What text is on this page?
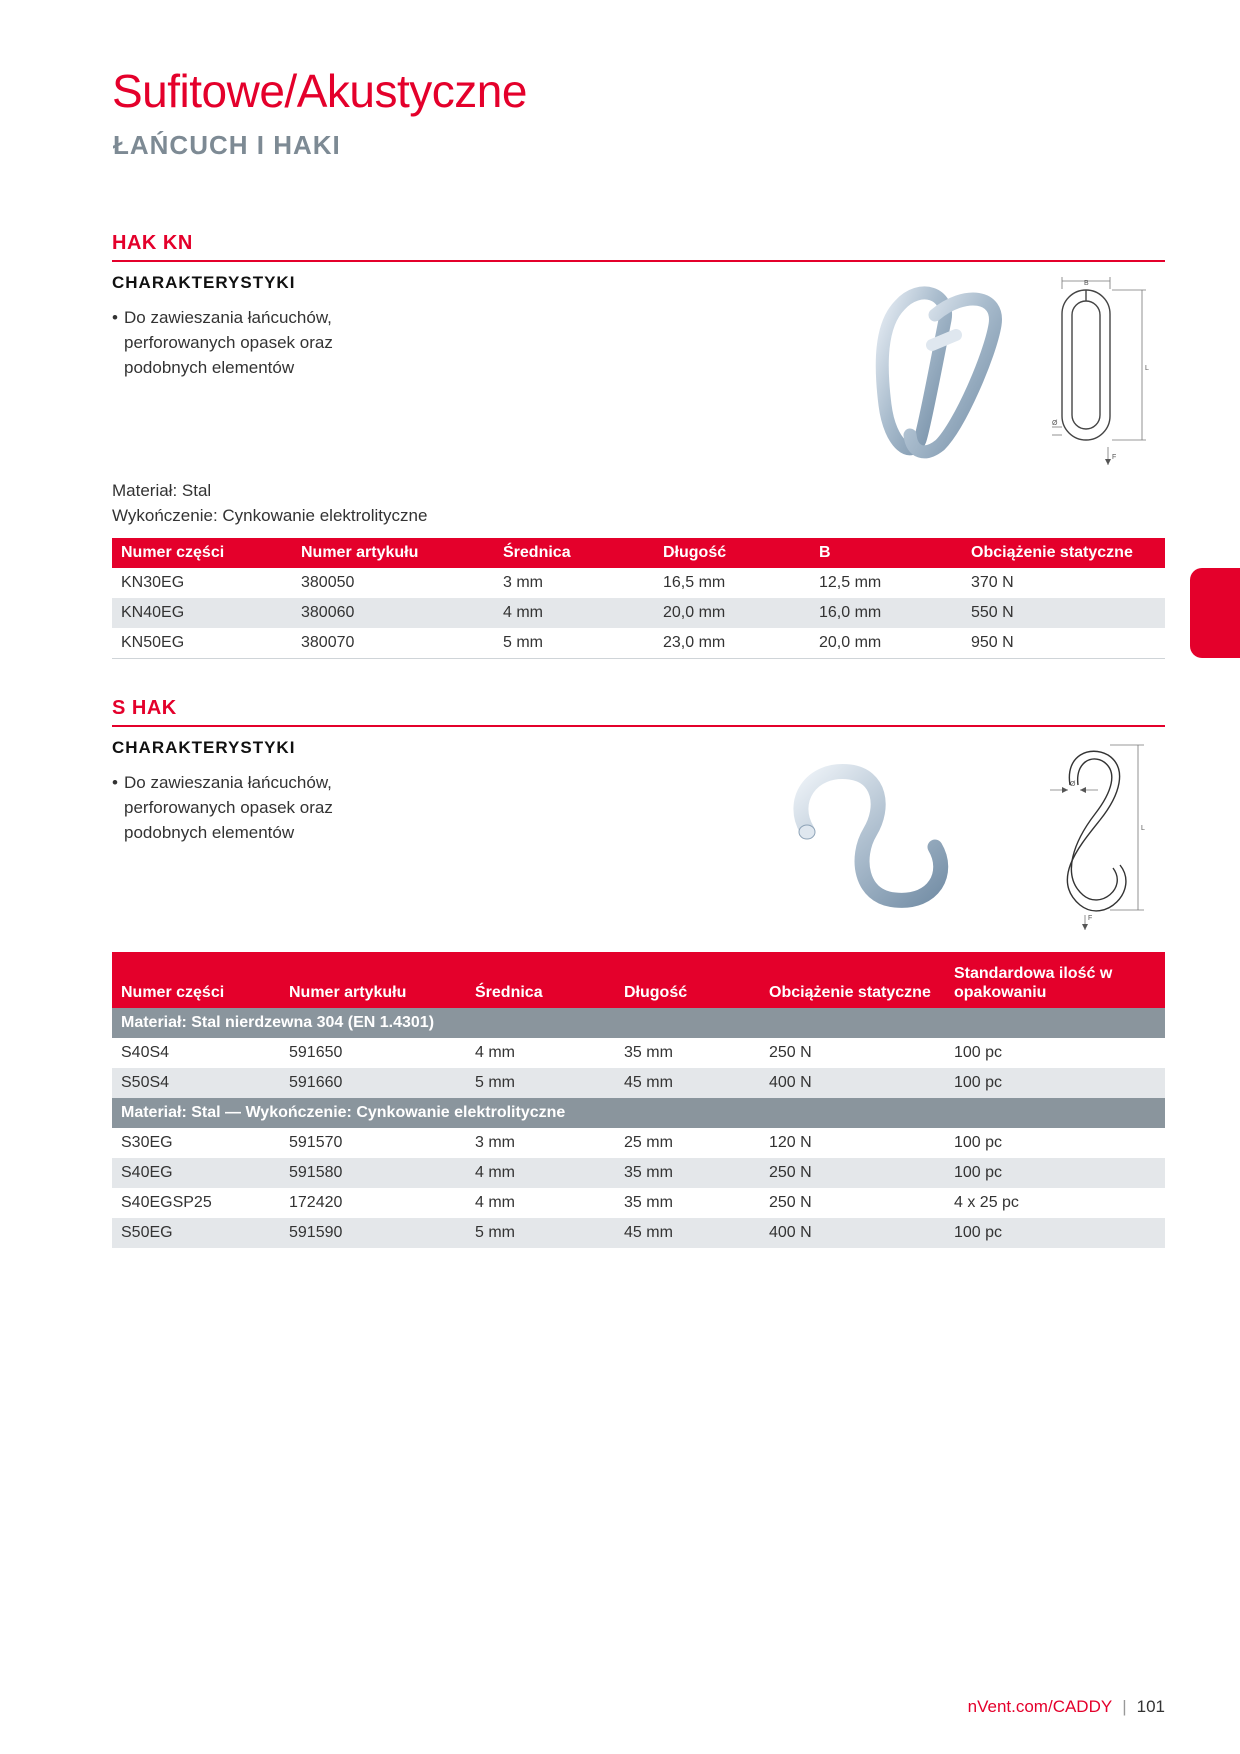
Sufitowe/Akustyczne
ŁAŃCUCH I HAKI
HAK KN
CHARAKTERYSTYKI
• Do zawieszania łańcuchów, perforowanych opasek oraz podobnych elementów
B
L
Ø
F
Materiał: Stal
Wykończenie: Cynkowanie elektrolityczne
Numer części	Numer artykułu	Średnica	Długość	B	Obciążenie statyczne
KN30EG	380050	3 mm	16,5 mm	12,5 mm	370 N
KN40EG	380060	4 mm	20,0 mm	16,0 mm	550 N
KN50EG	380070	5 mm	23,0 mm	20,0 mm	950 N
S HAK
CHARAKTERYSTYKI
• Do zawieszania łańcuchów, perforowanych opasek oraz podobnych elementów
Ø
L
F
Numer części	Numer artykułu	Średnica	Długość	Obciążenie statyczne	Standardowa ilość w opakowaniu
Materiał: Stal nierdzewna 304 (EN 1.4301)					
S40S4	591650	4 mm	35 mm	250 N	100 pc
S50S4	591660	5 mm	45 mm	400 N	100 pc
Materiał: Stal — Wykończenie: Cynkowanie elektrolityczne					
S30EG	591570	3 mm	25 mm	120 N	100 pc
S40EG	591580	4 mm	35 mm	250 N	100 pc
S40EGSP25	172420	4 mm	35 mm	250 N	4 x 25 pc
S50EG	591590	5 mm	45 mm	400 N	100 pc
nVent.com/CADDY | 101
